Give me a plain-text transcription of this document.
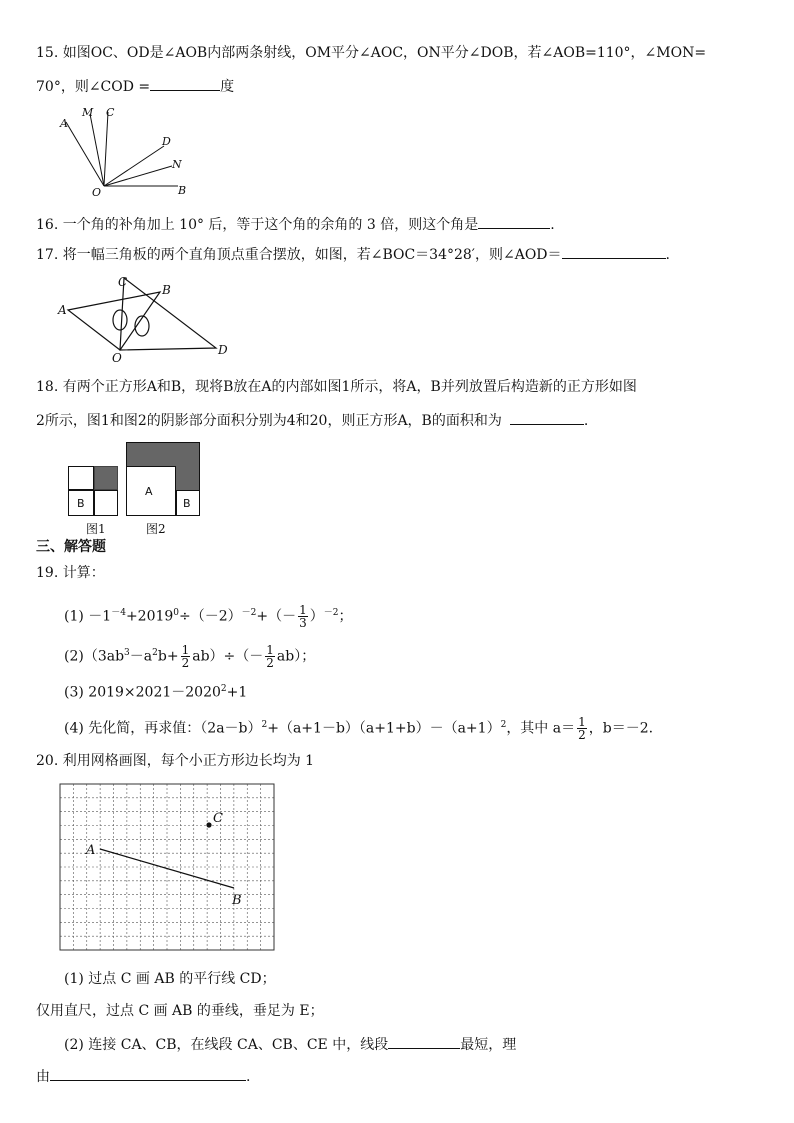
15. 如图OC、OD是∠AOB内部两条射线，OM平分∠AOC，ON平分∠DOB，若∠AOB=110°，∠MON=
70°，则∠COD =	度
A
M C
D
N
O	B
16. 一个角的补角加上 10° 后，等于这个角的余角的 3 倍，则这个角是	.
17. 将一幅三角板的两个直角顶点重合摆放，如图，若∠BOC＝34°28′，则∠AOD＝	.
A
B
C
O
D
18. 有两个正方形A和B，现将B放在A的内部如图1所示，将A，B并列放置后构造新的正方形如图
2所示，图1和图2的阴影部分面积分别为4和20，则正方形A，B的面积和为	.
B
图1
A
B
图2
三、解答题
19. 计算：
$(1) -1^{-4}+2019^0\div(-2)^{-2}+(- \frac{1}{3} )^{-2}$；
$(2)(3ab^3-a^2b+ \frac{1}{2} ab)\div(- \frac{1}{2} ab)$；
(3) $2019\times 2021-2020^2+1$
(4) 先化简，再求值：$(2a-b)^2+(a+1-b)(a+1+b)-(a+1)^2$，其中 $a= \frac{1}{2}$ ，b＝－2.
20. 利用网格画图，每个小正方形边长均为 1
A
B
C
(1) 过点 C 画 AB 的平行线 CD；
仅用直尺，过点 C 画 AB 的垂线，垂足为 E；
(2) 连接 CA、CB，在线段 CA、CB、CE 中，线段	最短，理
由	.
